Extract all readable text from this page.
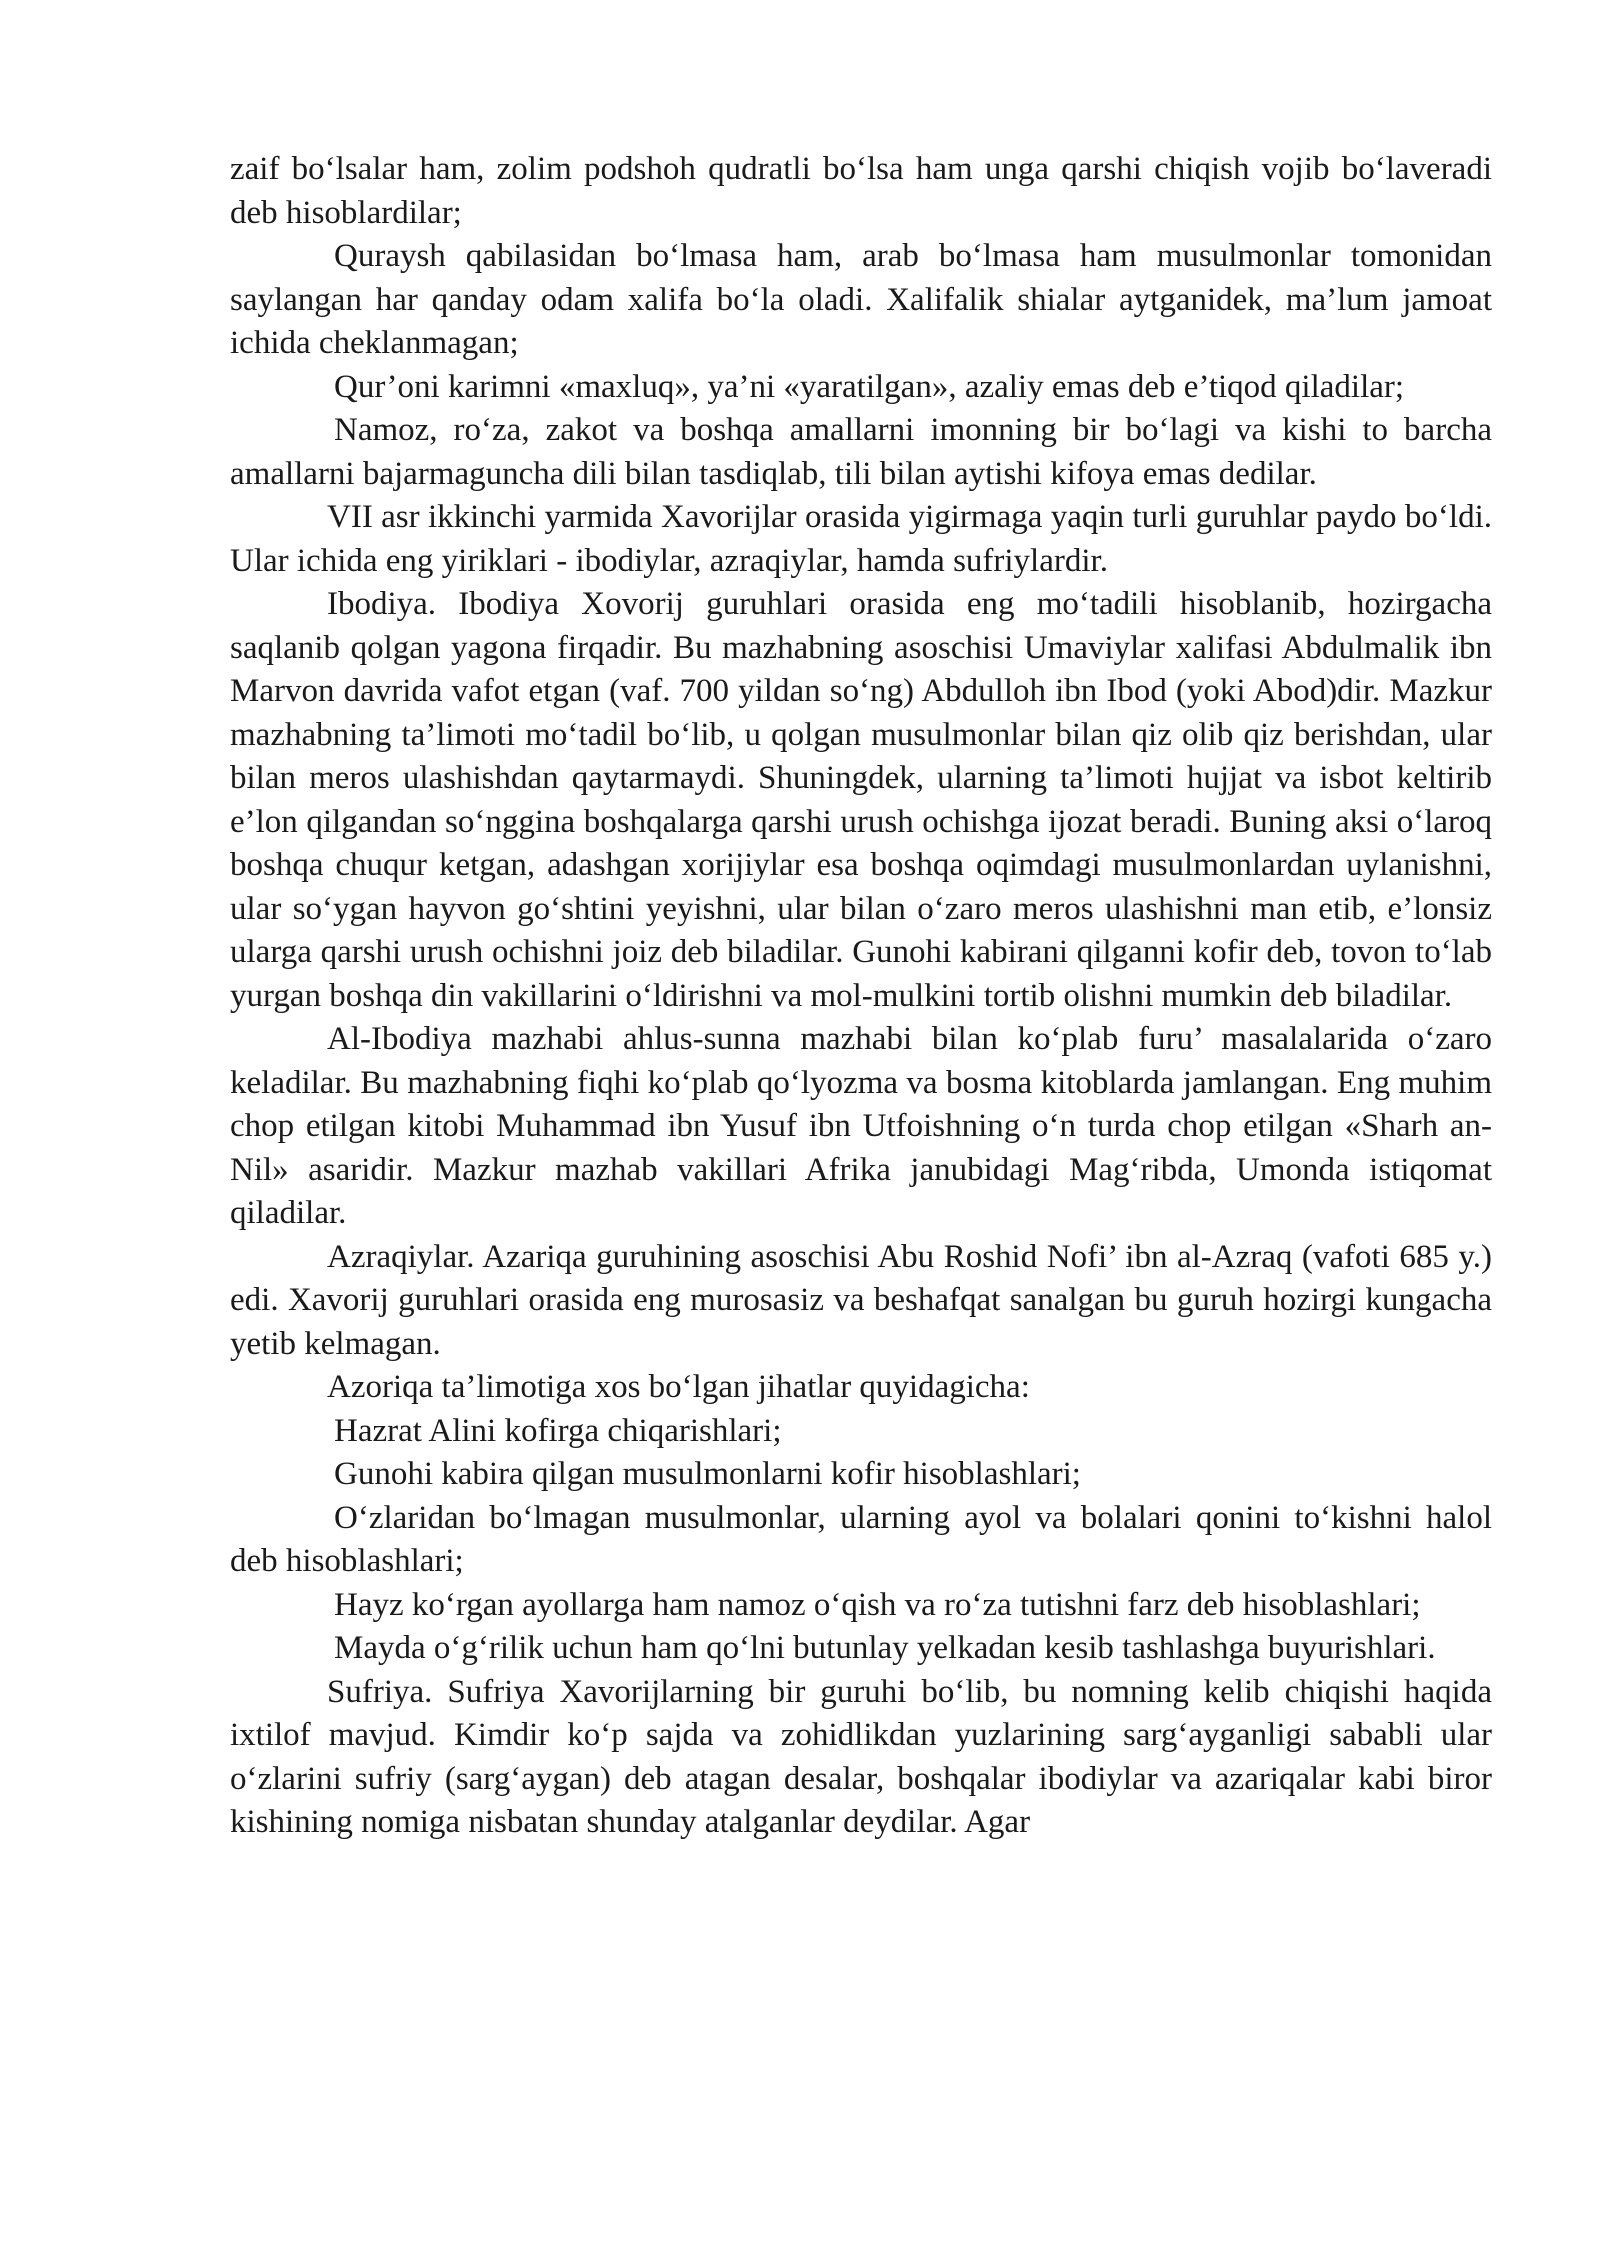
zaif bo‘lsalar ham, zolim podshoh qudratli bo‘lsa ham unga qarshi chiqish vojib bo‘laveradi deb hisoblardilar;

Quraysh qabilasidan bo‘lmasa ham, arab bo‘lmasa ham musulmonlar tomonidan saylangan har qanday odam xalifa bo‘la oladi. Xalifalik shialar aytganidek, ma’lum jamoat ichida cheklanmagan;

Qur’oni karimni «maxluq», ya’ni «yaratilgan», azaliy emas deb e’tiqod qiladilar;

Namoz, ro‘za, zakot va boshqa amallarni imonning bir bo‘lagi va kishi to barcha amallarni bajarmaguncha dili bilan tasdiqlab, tili bilan aytishi kifoya emas dedilar.

VII asr ikkinchi yarmida Xavorijlar orasida yigirmaga yaqin turli guruhlar paydo bo‘ldi. Ular ichida eng yiriklari - ibodiylar, azraqiylar, hamda sufriylardir.

Ibodiya. Ibodiya Xovorij guruhlari orasida eng mo‘tadili hisoblanib, hozirgacha saqlanib qolgan yagona firqadir. Bu mazhabning asoschisi Umaviylar xalifasi Abdulmalik ibn Marvon davrida vafot etgan (vaf. 700 yildan so‘ng) Abdulloh ibn Ibod (yoki Abod)dir. Mazkur mazhabning ta’limoti mo‘tadil bo‘lib, u qolgan musulmonlar bilan qiz olib qiz berishdan, ular bilan meros ulashishdan qaytarmaydi. Shuningdek, ularning ta’limoti hujjat va isbot keltirib e’lon qilgandan so‘nggina boshqalarga qarshi urush ochishga ijozat beradi. Buning aksi o‘laroq boshqa chuqur ketgan, adashgan xorijiylar esa boshqa oqimdagi musulmonlardan uylanishni, ular so‘ygan hayvon go‘shtini yeyishni, ular bilan o‘zaro meros ulashishni man etib, e’lonsiz ularga qarshi urush ochishni joiz deb biladilar. Gunohi kabirani qilganni kofir deb, tovon to‘lab yurgan boshqa din vakillarini o‘ldirishni va mol-mulkini tortib olishni mumkin deb biladilar.

Al-Ibodiya mazhabi ahlus-sunna mazhabi bilan ko‘plab furu’ masalalarida o‘zaro keladilar. Bu mazhabning fiqhi ko‘plab qo‘lyozma va bosma kitoblarda jamlangan. Eng muhim chop etilgan kitobi Muhammad ibn Yusuf ibn Utfoishning o‘n turda chop etilgan «Sharh an-Nil» asaridir. Mazkur mazhab vakillari Afrika janubidagi Mag‘ribda, Umonda istiqomat qiladilar.

Azraqiylar. Azariqa guruhining asoschisi Abu Roshid Nofi’ ibn al-Azraq (vafoti 685 y.) edi. Xavorij guruhlari orasida eng murosasiz va beshafqat sanalgan bu guruh hozirgi kungacha yetib kelmagan.

Azoriqa ta’limotiga xos bo‘lgan jihatlar quyidagicha:

Hazrat Alini kofirga chiqarishlari;

Gunohi kabira qilgan musulmonlarni kofir hisoblashlari;

O‘zlaridan bo‘lmagan musulmonlar, ularning ayol va bolalari qonini to‘kishni halol deb hisoblashlari;

Hayz ko‘rgan ayollarga ham namoz o‘qish va ro‘za tutishni farz deb hisoblashlari;

Mayda o‘g‘rilik uchun ham qo‘lni butunlay yelkadan kesib tashlashga buyurishlari.

Sufriya. Sufriya Xavorijlarning bir guruhi bo‘lib, bu nomning kelib chiqishi haqida ixtilof mavjud. Kimdir ko‘p sajda va zohidlikdan yuzlarining sarg‘ayganligi sababli ular o‘zlarini sufriy (sarg‘aygan) deb atagan desalar, boshqalar ibodiylar va azariqalar kabi biror kishining nomiga nisbatan shunday atalganlar deydilar. Agar
